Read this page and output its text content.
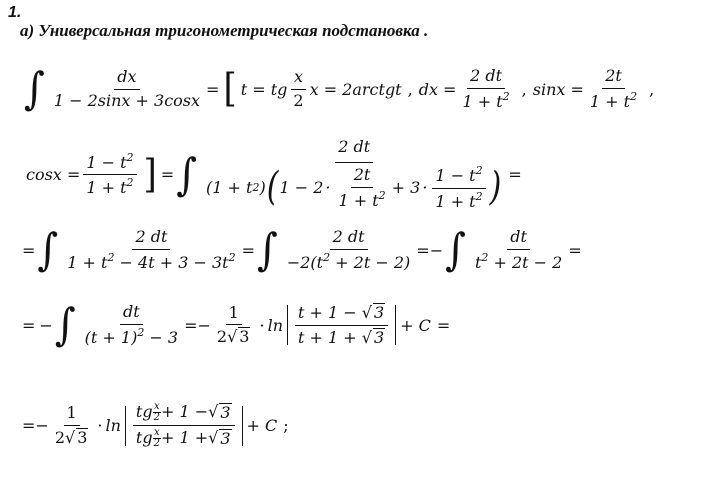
1.
а) Универсальная тригонометрическая подстановка .
∫ $\frac{dx}{1 - 2\sin x + 3\cos x}$ = [ t = tg
x
2
x = 2arctgt , dx = $\frac{2 dt}{1 + t^2}$ , $\sin x = \frac{2t}{1 + t^2}$ ,
$\cos x = \frac{1 - t^2}{1 + t^2}$ ] = ∫
2 dt
(1 + t 2 ) ( 1 − 2 ·
2t
$1 + t^2 + 3$ ·
$1 - t^2$
$1 + t^2$ ) =
= ∫ $\frac{2 dt}{1 + t^2 - 4t + 3 - 3t^2}$ = ∫ $\frac{2 dt}{-2(t^2 + 2t - 2)}$ = − ∫ $\frac{dt}{t^2 + 2t - 2}$ =
= − ∫ $\frac{dt}{(t + 1)^2 - 3}$ = − $\frac{1}{2√ 3} \cdot \ln$
t + 1 − √ 3
t + 1 + √ 3
+ C =
= − $\frac{1}{2√ 3} \cdot \ln$
tg x
2 + 1 − √ 3
tg x
2 + 1 + √ 3
+ C ;
